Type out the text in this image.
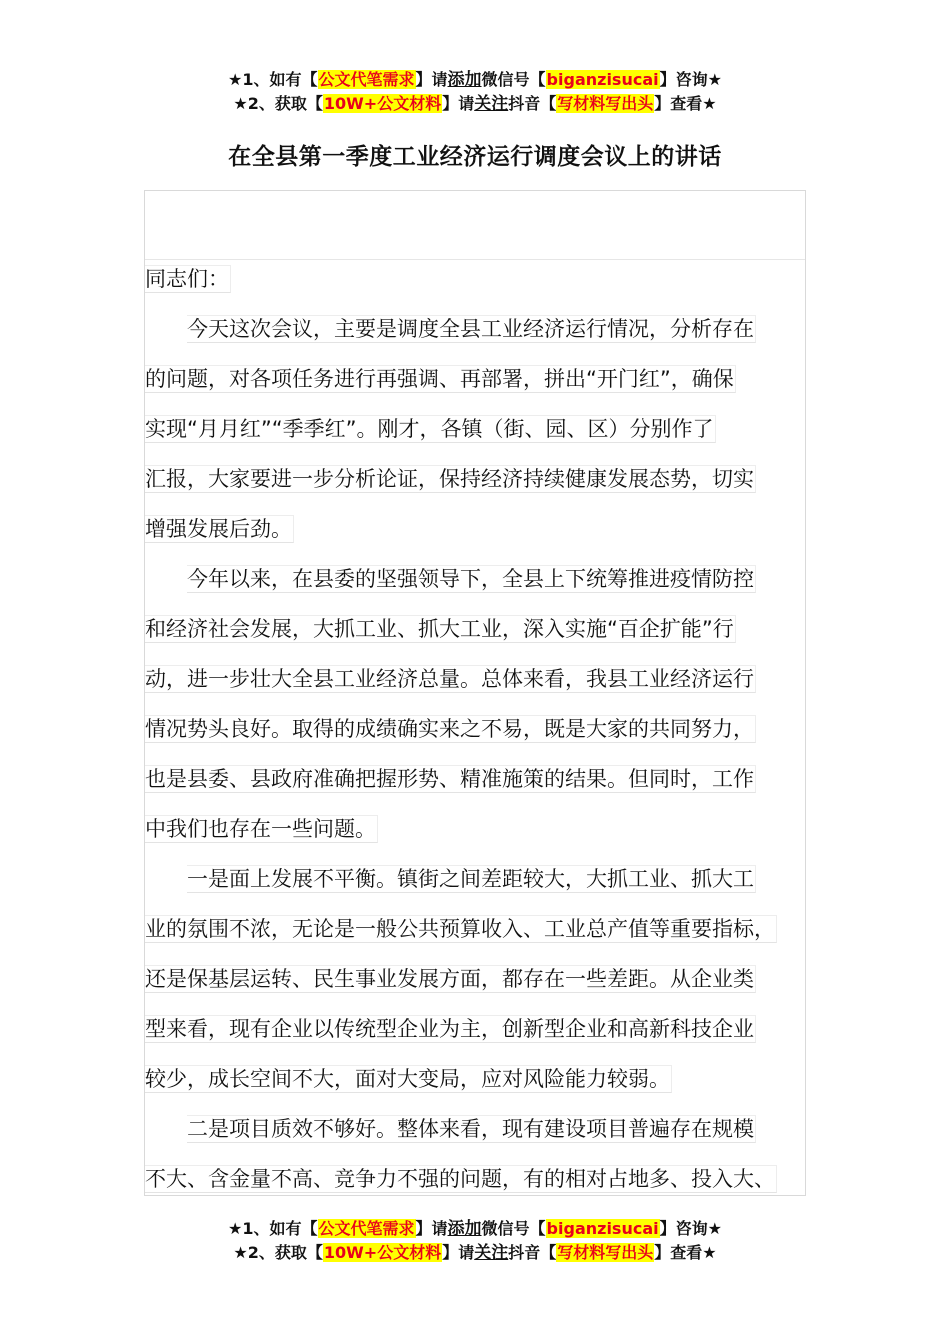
★1、如有【公文代笔需求】请添加微信号【biganzisucai】咨询★
★2、获取【10W+公文材料】请关注抖音【写材料写出头】查看★
在全县第一季度工业经济运行调度会议上的讲话
同志们：
今天这次会议，主要是调度全县工业经济运行情况，分析存在
的问题，对各项任务进行再强调、再部署，拼出“开门红”，确保
实现“月月红”“季季红”。刚才，各镇（街、园、区）分别作了
汇报，大家要进一步分析论证，保持经济持续健康发展态势，切实
增强发展后劲。
今年以来，在县委的坚强领导下，全县上下统筹推进疫情防控
和经济社会发展，大抓工业、抓大工业，深入实施“百企扩能”行
动，进一步壮大全县工业经济总量。总体来看，我县工业经济运行
情况势头良好。取得的成绩确实来之不易，既是大家的共同努力，
也是县委、县政府准确把握形势、精准施策的结果。但同时，工作
中我们也存在一些问题。
一是面上发展不平衡。镇街之间差距较大，大抓工业、抓大工
业的氛围不浓，无论是一般公共预算收入、工业总产值等重要指标，
还是保基层运转、民生事业发展方面，都存在一些差距。从企业类
型来看，现有企业以传统型企业为主，创新型企业和高新科技企业
较少，成长空间不大，面对大变局，应对风险能力较弱。
二是项目质效不够好。整体来看，现有建设项目普遍存在规模
不大、含金量不高、竞争力不强的问题，有的相对占地多、投入大、
★1、如有【公文代笔需求】请添加微信号【biganzisucai】咨询★
★2、获取【10W+公文材料】请关注抖音【写材料写出头】查看★
